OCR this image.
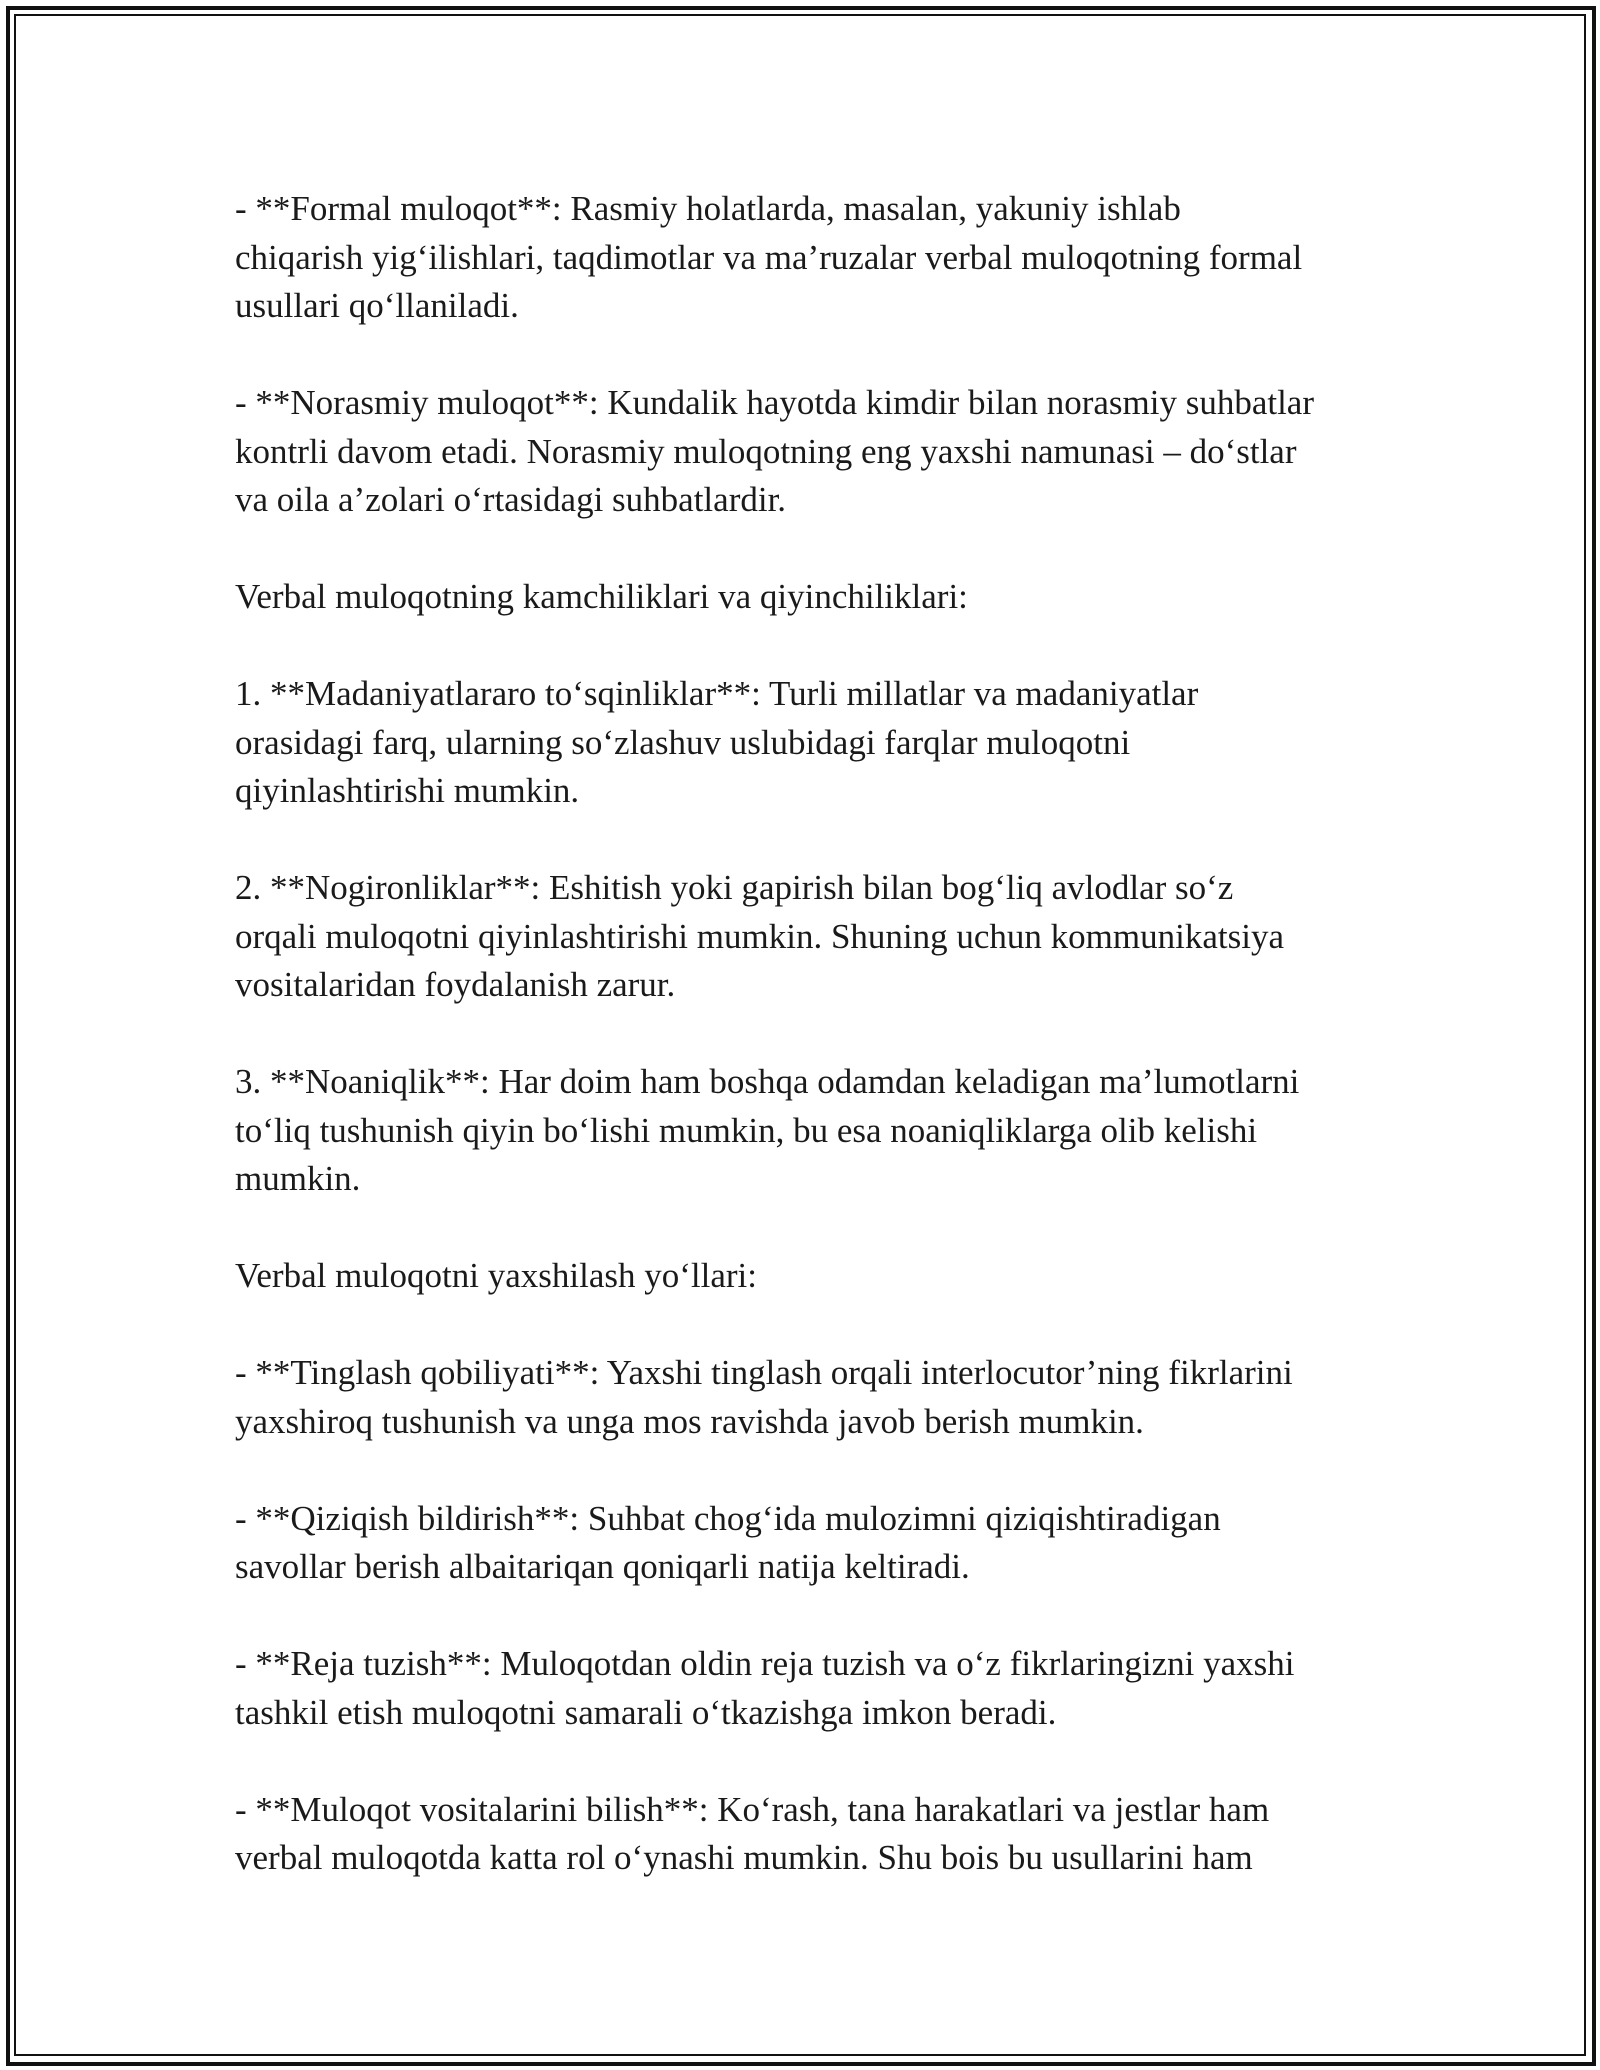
- **Formal muloqot**: Rasmiy holatlarda, masalan, yakuniy ishlab
chiqarish yig‘ilishlari, taqdimotlar va ma’ruzalar verbal muloqotning formal
usullari qo‘llaniladi.

- **Norasmiy muloqot**: Kundalik hayotda kimdir bilan norasmiy suhbatlar
kontrli davom etadi. Norasmiy muloqotning eng yaxshi namunasi – do‘stlar
va oila a’zolari o‘rtasidagi suhbatlardir.

Verbal muloqotning kamchiliklari va qiyinchiliklari:

1. **Madaniyatlararo to‘sqinliklar**: Turli millatlar va madaniyatlar
orasidagi farq, ularning so‘zlashuv uslubidagi farqlar muloqotni
qiyinlashtirishi mumkin.

2. **Nogironliklar**: Eshitish yoki gapirish bilan bog‘liq avlodlar so‘z
orqali muloqotni qiyinlashtirishi mumkin. Shuning uchun kommunikatsiya
vositalaridan foydalanish zarur.

3. **Noaniqlik**: Har doim ham boshqa odamdan keladigan ma’lumotlarni
to‘liq tushunish qiyin bo‘lishi mumkin, bu esa noaniqliklarga olib kelishi
mumkin.

Verbal muloqotni yaxshilash yo‘llari:

- **Tinglash qobiliyati**: Yaxshi tinglash orqali interlocutor’ning fikrlarini
yaxshiroq tushunish va unga mos ravishda javob berish mumkin.

- **Qiziqish bildirish**: Suhbat chog‘ida mulozimni qiziqishtiradigan
savollar berish albaitariqan qoniqarli natija keltiradi.

- **Reja tuzish**: Muloqotdan oldin reja tuzish va o‘z fikrlaringizni yaxshi
tashkil etish muloqotni samarali o‘tkazishga imkon beradi.

- **Muloqot vositalarini bilish**: Ko‘rash, tana harakatlari va jestlar ham
verbal muloqotda katta rol o‘ynashi mumkin. Shu bois bu usullarini ham
